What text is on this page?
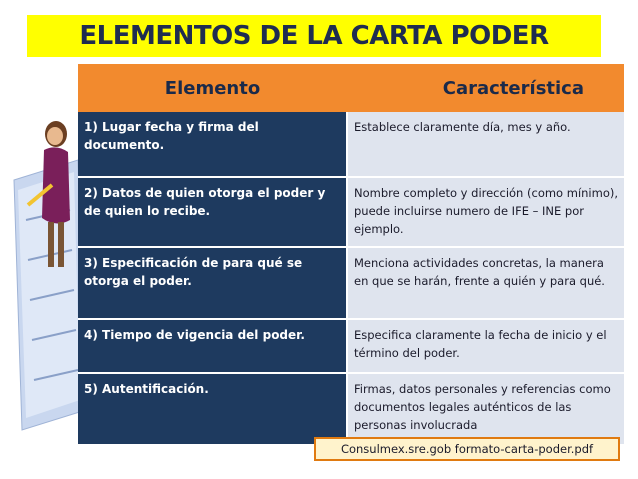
ELEMENTOS DE LA CARTA PODER
Elemento	Característica
1) Lugar fecha y firma del documento.	Establece claramente día, mes y año.
2) Datos de quien otorga el poder y de quien lo recibe.	Nombre completo y dirección (como mínimo), puede incluirse numero de IFE – INE por ejemplo.
3) Especificación de para qué se otorga el poder.	Menciona actividades concretas, la manera en que se harán, frente a quién y para qué.
4) Tiempo de vigencia del poder.	Especifica claramente la fecha de inicio y el término del poder.
5) Autentificación.	Firmas, datos personales y referencias como documentos legales auténticos de las personas involucrada
Consulmex.sre.gob formato-carta-poder.pdf
